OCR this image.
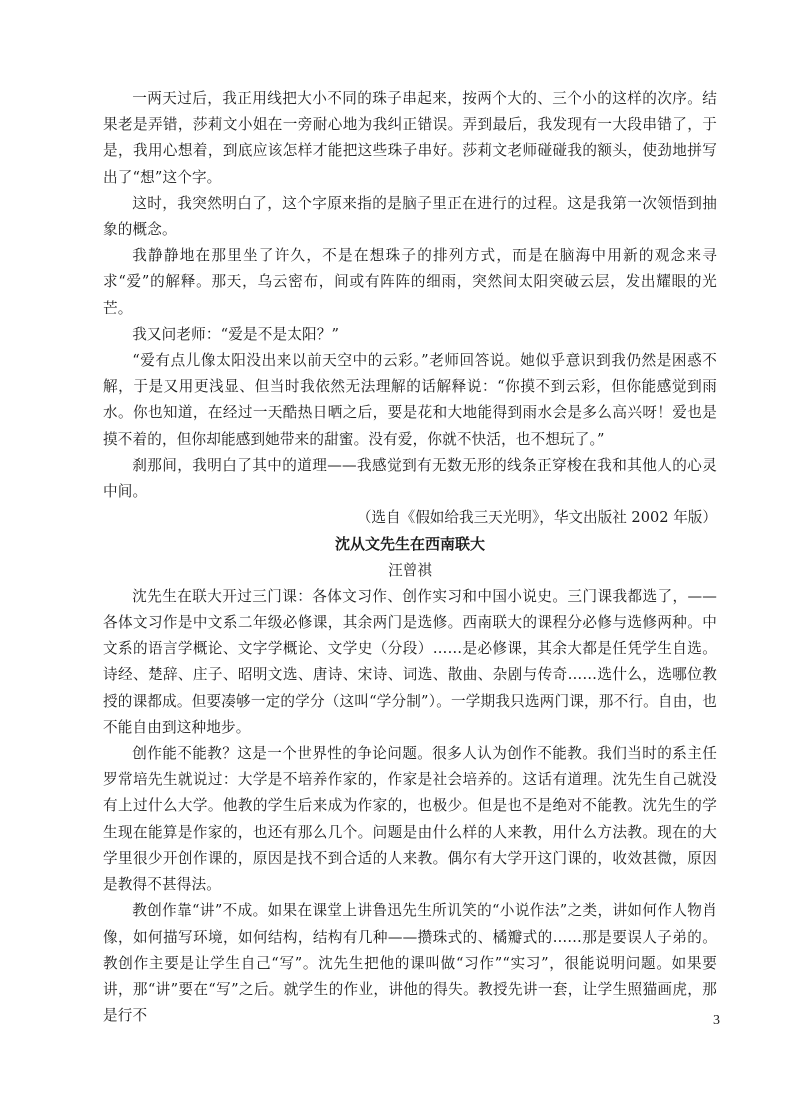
一两天过后，我正用线把大小不同的珠子串起来，按两个大的、三个小的这样的次序。结果老是弄错，莎莉文小姐在一旁耐心地为我纠正错误。弄到最后，我发现有一大段串错了，于是，我用心想着，到底应该怎样才能把这些珠子串好。莎莉文老师碰碰我的额头，使劲地拼写出了“想”这个字。

这时，我突然明白了，这个字原来指的是脑子里正在进行的过程。这是我第一次领悟到抽象的概念。

我静静地在那里坐了许久，不是在想珠子的排列方式，而是在脑海中用新的观念来寻求“爱”的解释。那天，乌云密布，间或有阵阵的细雨，突然间太阳突破云层，发出耀眼的光芒。

我又问老师：“爱是不是太阳？”

“爱有点儿像太阳没出来以前天空中的云彩。”老师回答说。她似乎意识到我仍然是困惑不解，于是又用更浅显、但当时我依然无法理解的话解释说：“你摸不到云彩，但你能感觉到雨水。你也知道，在经过一天酷热日晒之后，要是花和大地能得到雨水会是多么高兴呀！爱也是摸不着的，但你却能感到她带来的甜蜜。没有爱，你就不快活，也不想玩了。”

刹那间，我明白了其中的道理——我感觉到有无数无形的线条正穿梭在我和其他人的心灵中间。

（选自《假如给我三天光明》，华文出版社 2002 年版）

沈从文先生在西南联大

汪曾祺

沈先生在联大开过三门课：各体文习作、创作实习和中国小说史。三门课我都选了，——各体文习作是中文系二年级必修课，其余两门是选修。西南联大的课程分必修与选修两种。中文系的语言学概论、文字学概论、文学史（分段）……是必修课，其余大都是任凭学生自选。诗经、楚辞、庄子、昭明文选、唐诗、宋诗、词选、散曲、杂剧与传奇……选什么，选哪位教授的课都成。但要凑够一定的学分（这叫“学分制”）。一学期我只选两门课，那不行。自由，也不能自由到这种地步。

创作能不能教？这是一个世界性的争论问题。很多人认为创作不能教。我们当时的系主任罗常培先生就说过：大学是不培养作家的，作家是社会培养的。这话有道理。沈先生自己就没有上过什么大学。他教的学生后来成为作家的，也极少。但是也不是绝对不能教。沈先生的学生现在能算是作家的，也还有那么几个。问题是由什么样的人来教，用什么方法教。现在的大学里很少开创作课的，原因是找不到合适的人来教。偶尔有大学开这门课的，收效甚微，原因是教得不甚得法。

教创作靠“讲”不成。如果在课堂上讲鲁迅先生所讥笑的“小说作法”之类，讲如何作人物肖像，如何描写环境，如何结构，结构有几种——攒珠式的、橘瓣式的……那是要误人子弟的。教创作主要是让学生自己“写”。沈先生把他的课叫做“习作”“实习”，很能说明问题。如果要讲，那“讲”要在“写”之后。就学生的作业，讲他的得失。教授先讲一套，让学生照猫画虎，那是行不	3
